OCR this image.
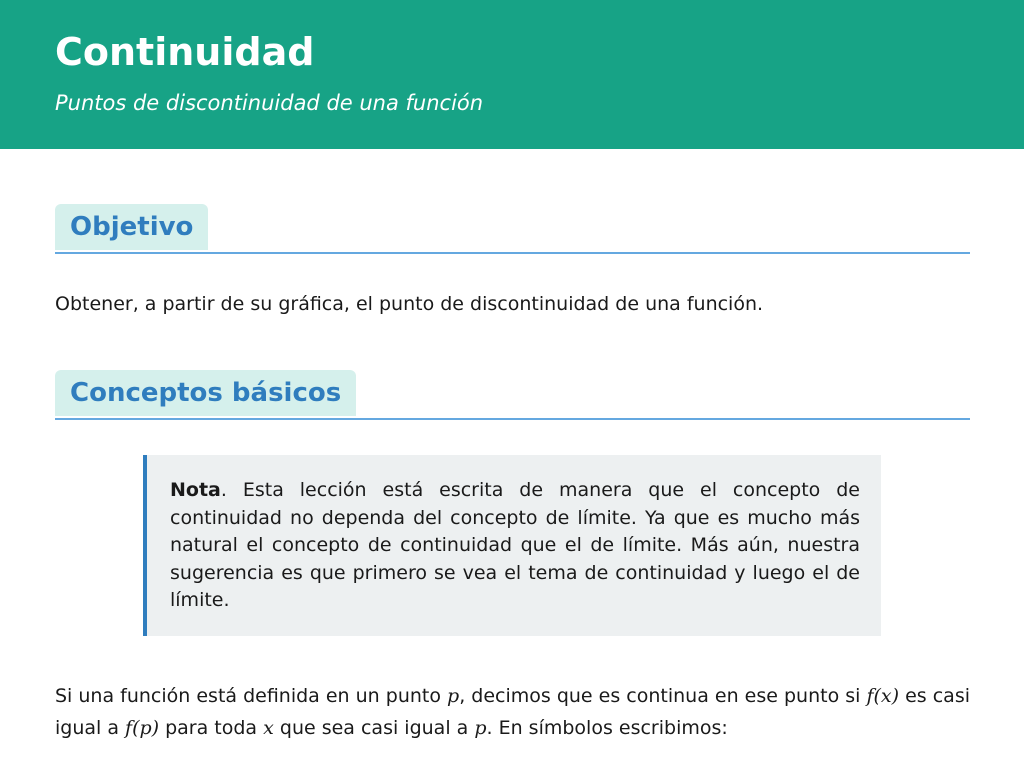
Continuidad

Puntos de discontinuidad de una función

Objetivo

Obtener, a partir de su gráfica, el punto de discontinuidad de una función.

Conceptos básicos

Nota. Esta lección está escrita de manera que el concepto de continuidad no dependa del concepto de límite. Ya que es mucho más natural el concepto de continuidad que el de límite. Más aún, nuestra sugerencia es que primero se vea el tema de continuidad y luego el de límite.

Si una función está definida en un punto p, decimos que es continua en ese punto si f(x) es casi igual a f(p) para toda x que sea casi igual a p. En símbolos escribimos:
